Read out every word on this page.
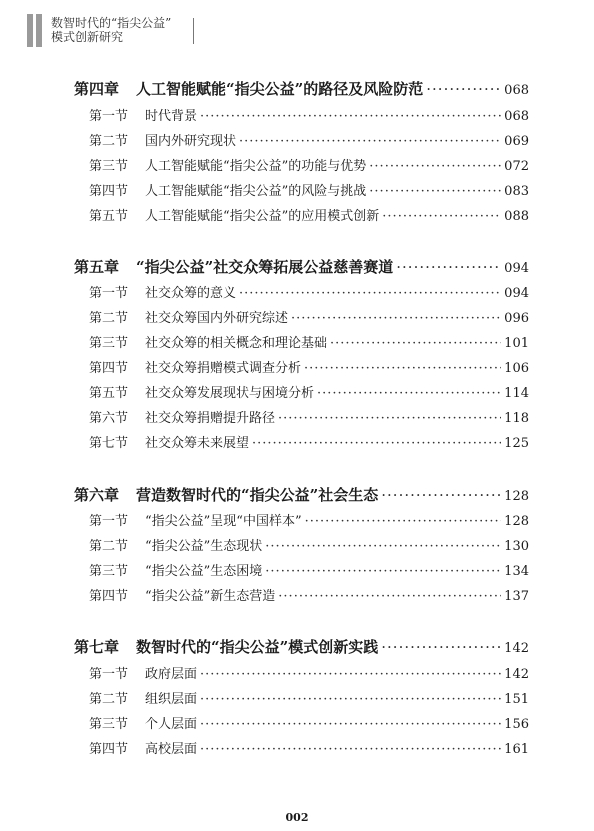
数智时代的“指尖公益”
模式创新研究
第四章	人工智能赋能“指尖公益”的路径及风险防范 ·····	068
第一节	时代背景 ·····	068
第二节	国内外研究现状 ·····	069
第三节	人工智能赋能“指尖公益”的功能与优势 ·····	072
第四节	人工智能赋能“指尖公益”的风险与挑战 ·····	083
第五节	人工智能赋能“指尖公益”的应用模式创新 ·····	088
第五章	“指尖公益”社交众筹拓展公益慈善赛道 ·····	094
第一节	社交众筹的意义 ·····	094
第二节	社交众筹国内外研究综述 ·····	096
第三节	社交众筹的相关概念和理论基础 ·····	101
第四节	社交众筹捐赠模式调查分析 ·····	106
第五节	社交众筹发展现状与困境分析 ·····	114
第六节	社交众筹捐赠提升路径 ·····	118
第七节	社交众筹未来展望 ·····	125
第六章	营造数智时代的“指尖公益”社会生态 ·····	128
第一节	“指尖公益”呈现“中国样本” ·····	128
第二节	“指尖公益”生态现状 ·····	130
第三节	“指尖公益”生态困境 ·····	134
第四节	“指尖公益”新生态营造 ·····	137
第七章	数智时代的“指尖公益”模式创新实践 ·····	142
第一节	政府层面 ·····	142
第二节	组织层面 ·····	151
第三节	个人层面 ·····	156
第四节	高校层面 ·····	161
002
